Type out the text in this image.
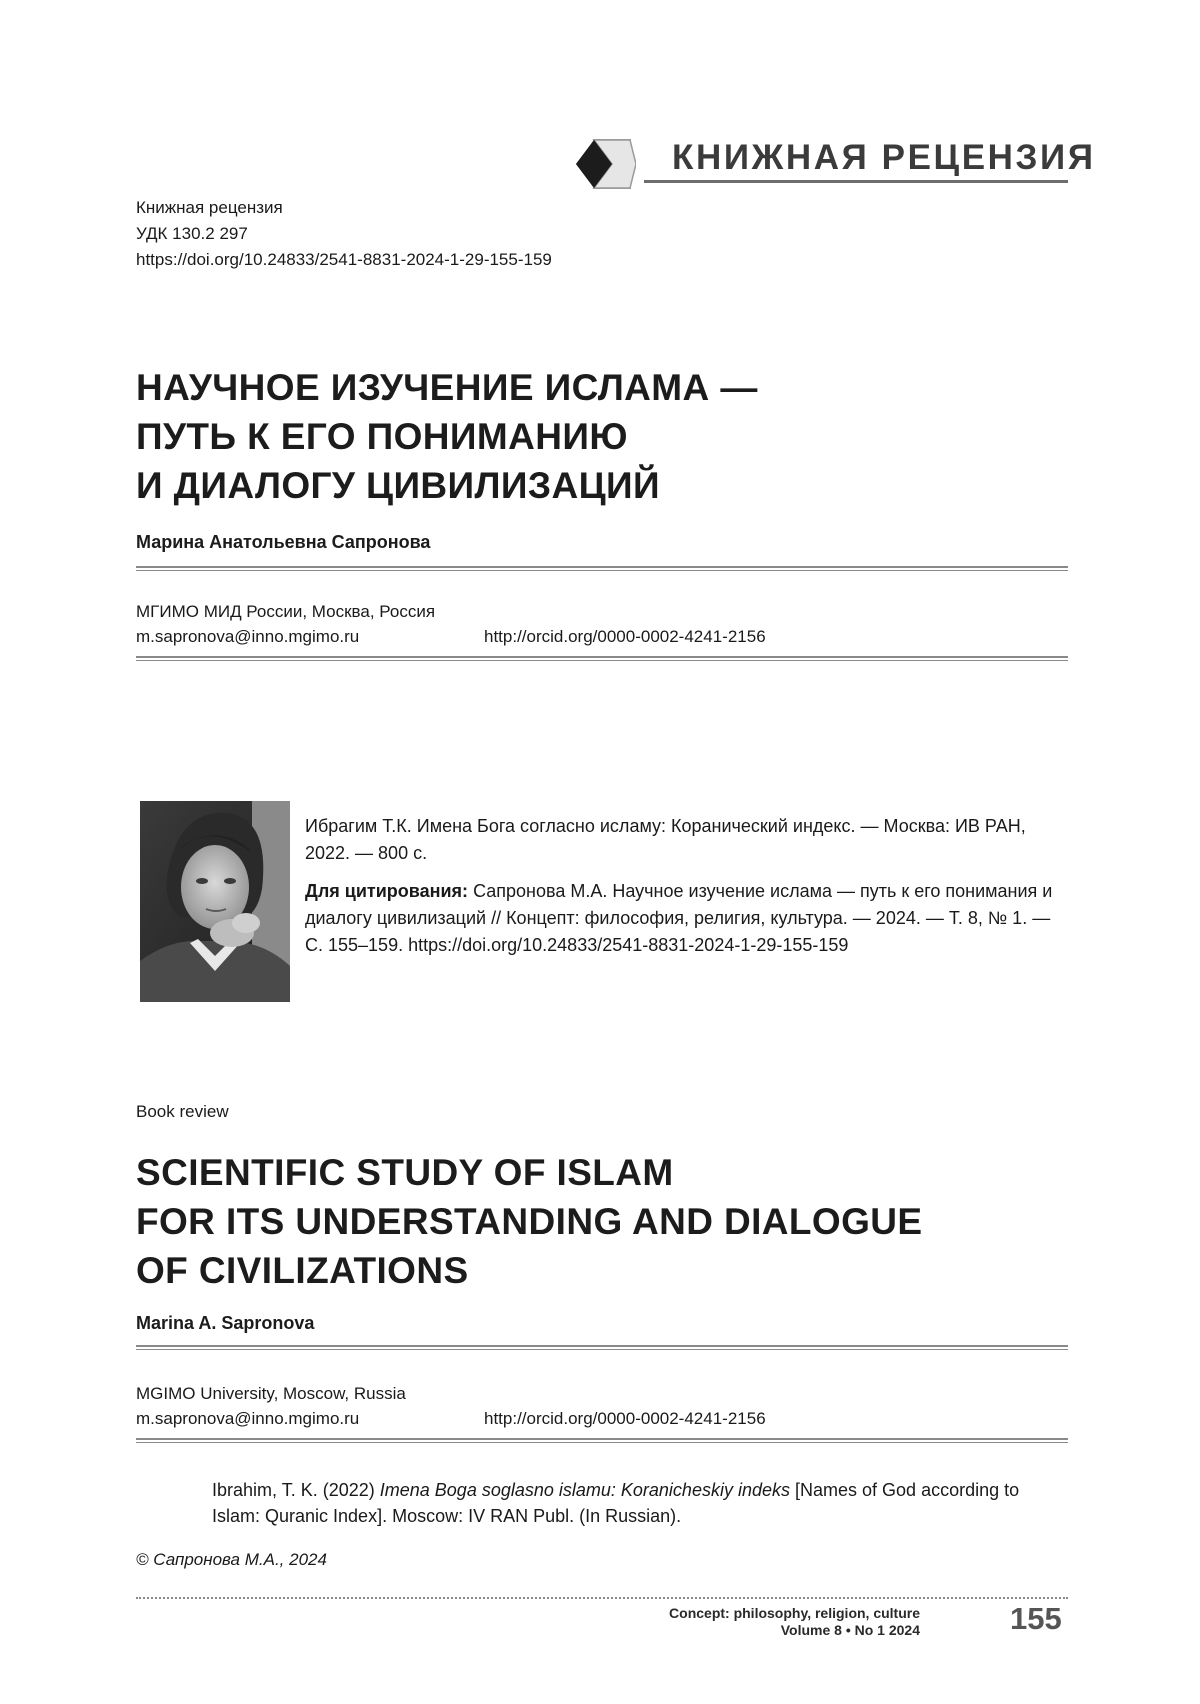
КНИЖНАЯ РЕЦЕНЗИЯ
Книжная рецензия
УДК 130.2 297
https://doi.org/10.24833/2541-8831-2024-1-29-155-159
НАУЧНОЕ ИЗУЧЕНИЕ ИСЛАМА —
ПУТЬ К ЕГО ПОНИМАНИЮ
И ДИАЛОГУ ЦИВИЛИЗАЦИЙ
Марина Анатольевна Сапронова
МГИМО МИД России, Москва, Россия
m.sapronova@inno.mgimo.ru	http://orcid.org/0000-0002-4241-2156

Ибрагим Т.К. Имена Бога согласно исламу: Коранический индекс. — Москва: ИВ РАН, 2022. — 800 с.

Для цитирования: Сапронова М.А. Научное изучение ислама — путь к его понимания и диалогу цивилизаций // Концепт: философия, религия, культура. — 2024. — Т. 8, № 1. — С. 155–159. https://doi.org/10.24833/2541-8831-2024-1-29-155-159

Book review
SCIENTIFIC STUDY OF ISLAM
FOR ITS UNDERSTANDING AND DIALOGUE
OF CIVILIZATIONS
Marina A. Sapronova
MGIMO University, Moscow, Russia
m.sapronova@inno.mgimo.ru	http://orcid.org/0000-0002-4241-2156
Ibrahim, T. K. (2022) Imena Boga soglasno islamu: Koranicheskiy indeks [Names of God according to Islam: Quranic Index]. Moscow: IV RAN Publ. (In Russian).
© Сапронова М.А., 2024
Concept: philosophy, religion, culture
Volume 8 • No 1 2024	155
